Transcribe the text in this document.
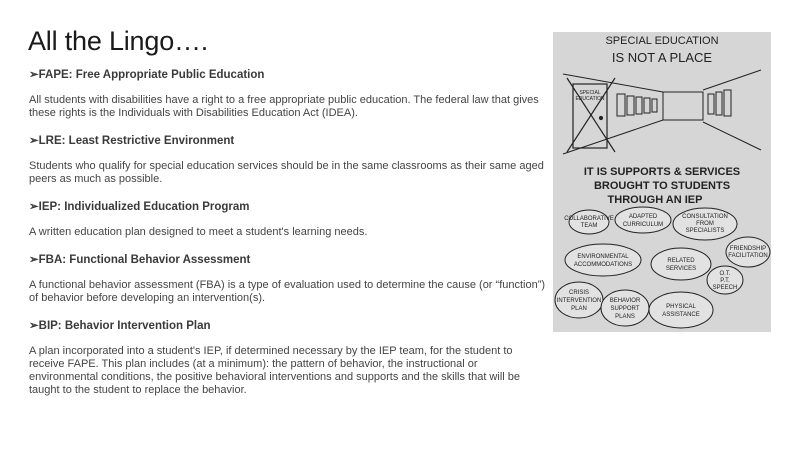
All the Lingo….

➢FAPE: Free Appropriate Public Education

All students with disabilities have a right to a free appropriate public education. The federal law that gives these rights is the Individuals with Disabilities Education Act (IDEA).

➢LRE: Least Restrictive Environment

Students who qualify for special education services should be in the same classrooms as their same aged peers as much as possible.

➢IEP: Individualized Education Program

A written education plan designed to meet a student's learning needs.

➢FBA: Functional Behavior Assessment

A functional behavior assessment (FBA) is a type of evaluation used to determine the cause (or “function”) of behavior before developing an intervention(s).

➢BIP: Behavior Intervention Plan

A plan incorporated into a student's IEP, if determined necessary by the IEP team, for the student to receive FAPE. This plan includes (at a minimum): the pattern of behavior, the instructional or environmental conditions, the positive behavioral interventions and supports and the skills that will be taught to the student to replace the behavior.

SPECIAL EDUCATION
IS NOT A PLACE
SPECIAL
EDUCATION
IT IS SUPPORTS & SERVICES
BROUGHT TO STUDENTS
THROUGH AN IEP
COLLABORATIVE
TEAM
ADAPTED
CURRICULUM
CONSULTATION
FROM
SPECIALISTS
FRIENDSHIP
FACILITATION
ENVIRONMENTAL
ACCOMMODATIONS
RELATED
SERVICES
O.T.
P.T.
SPEECH
CRISIS
INTERVENTION
PLAN
BEHAVIOR
SUPPORT
PLANS
PHYSICAL
ASSISTANCE
